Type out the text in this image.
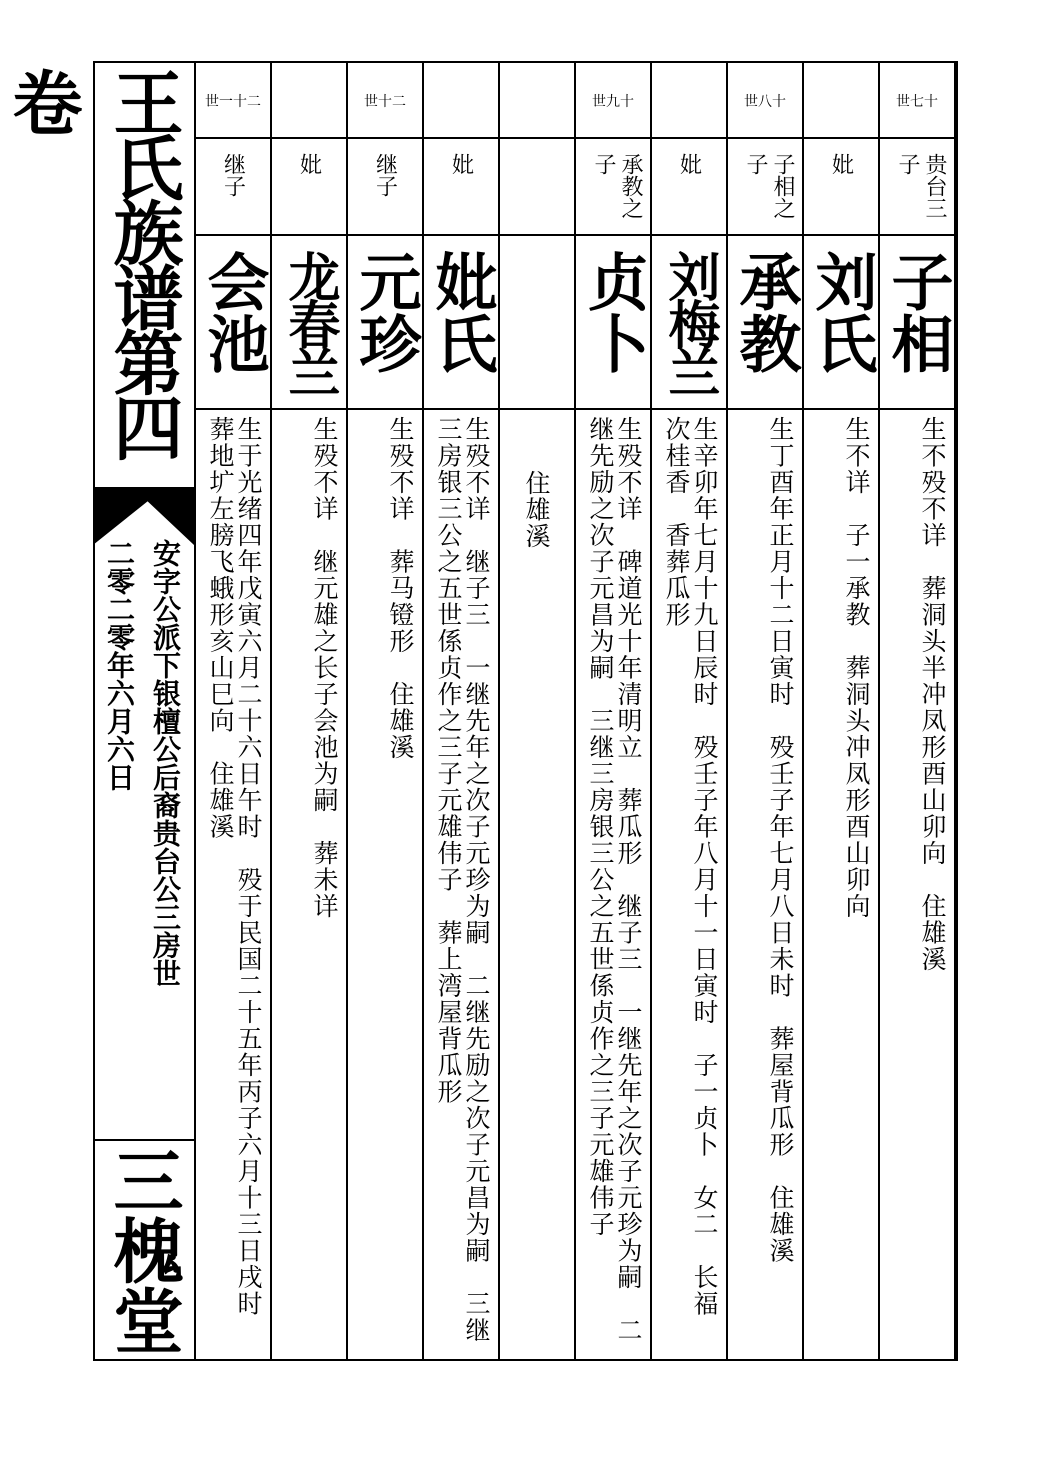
王氏族谱第四卷
安字公派下银檀公后裔贵台公三房世
二零二零年六月六日
三槐堂
世七十
贵台三子
子相
生不殁不详　葬洞头半冲凤形酉山卯向　住雄溪
妣
刘氏
生不详　子一承教　葬洞头冲凤形酉山卯向
世八十
子相之子
承教
生丁酉年正月十二日寅时　殁壬子年七月八日未时　葬屋背瓜形　住雄溪
妣
刘梅兰
生辛卯年七月十九日辰时　殁壬子年八月十一日寅时　子一贞卜　女二　长福　次桂香　香葬瓜形
世九十
承教之子
贞卜
生殁不详　碑道光十年清明立　葬瓜形　继子三　一继先年之次子元珍为嗣　二继先励之次子元昌为嗣　三继三房银三公之五世係贞作之三子元雄伟子
住雄溪
妣
妣氏
生殁不详　继子三　一继先年之次子元珍为嗣　二继先励之次子元昌为嗣　三继三房银三公之五世係贞作之三子元雄伟子　葬上湾屋背瓜形
世十二
继子
元珍
生殁不详　葬马镫形　住雄溪
妣
龙春兰
生殁不详　继元雄之长子会池为嗣　葬未详
世一十二
继子
会池
生于光绪四年戊寅六月二十六日午时　殁于民国二十五年丙子六月十三日戌时　葬地圹左膀飞蛾形亥山巳向　住雄溪
